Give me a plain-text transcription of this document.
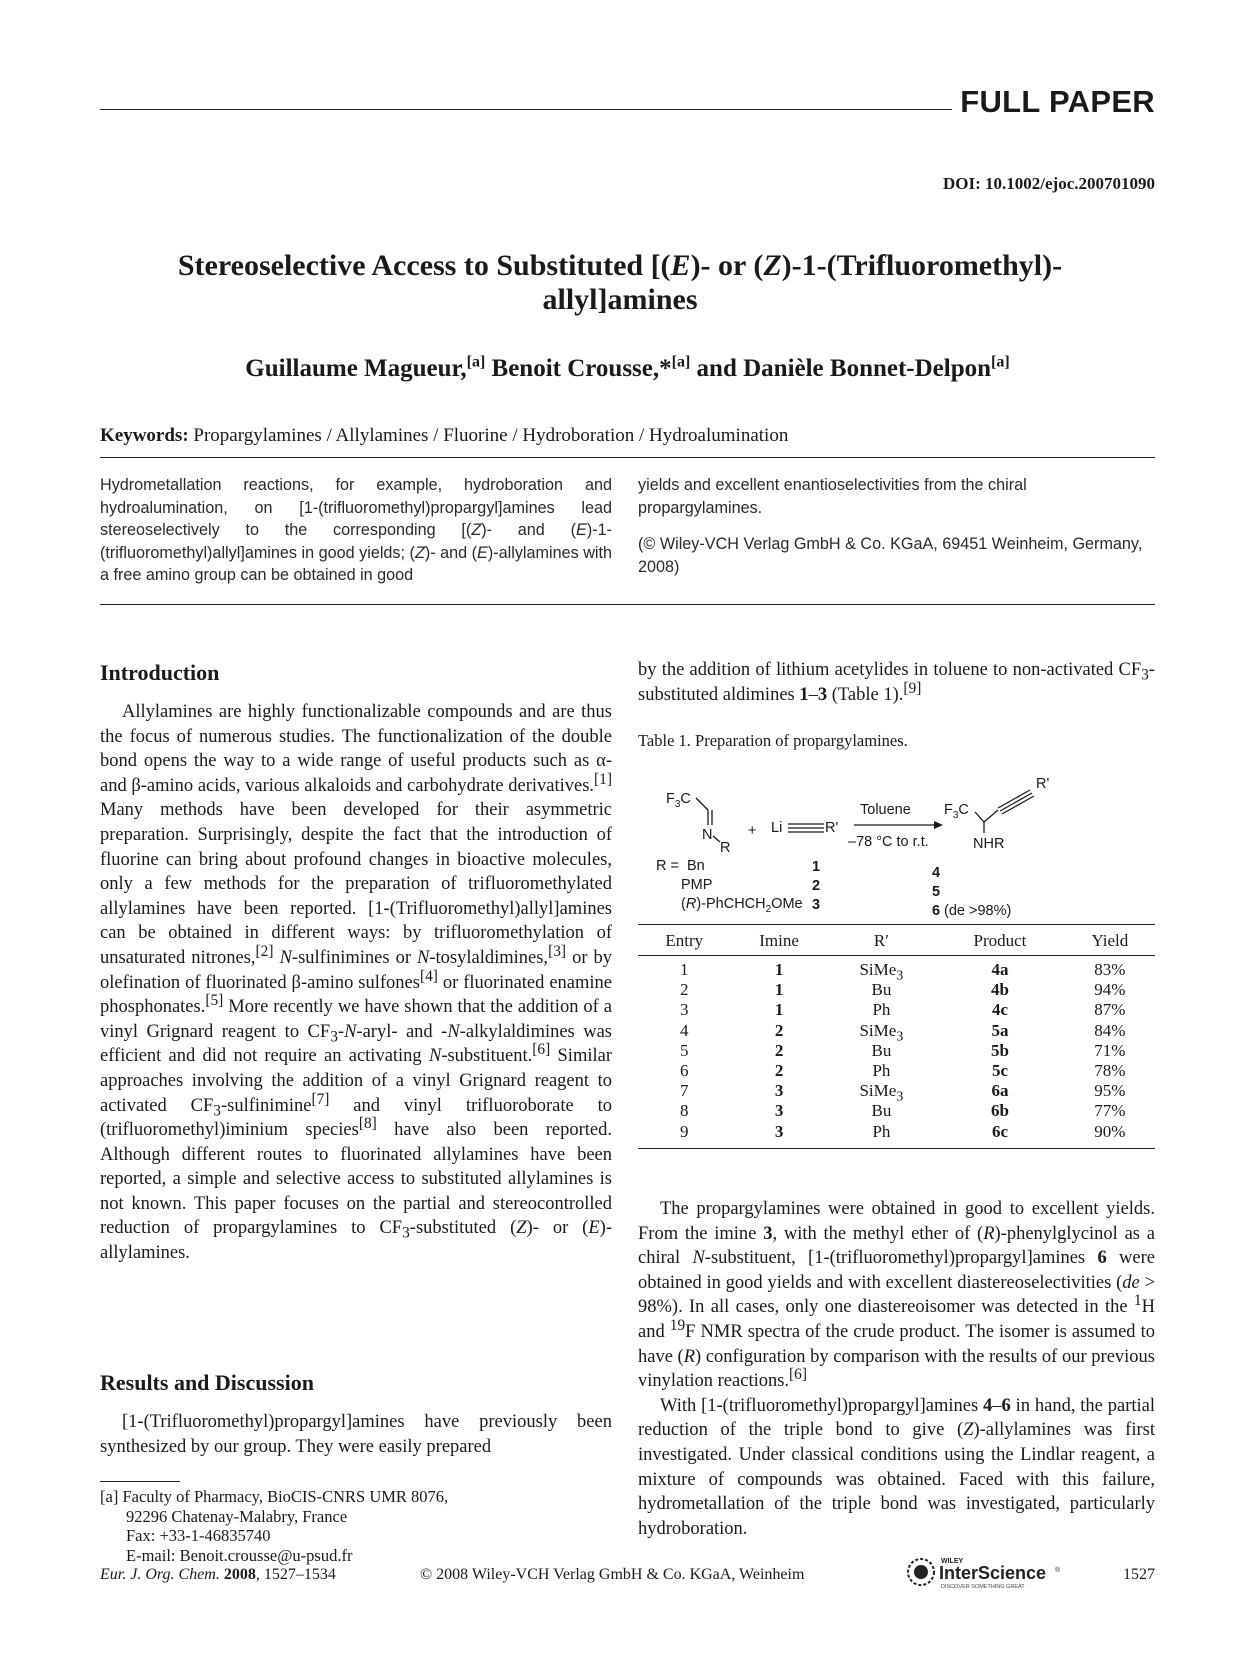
FULL PAPER
DOI: 10.1002/ejoc.200701090
Stereoselective Access to Substituted [(E)- or (Z)-1-(Trifluoromethyl)-
allyl]amines
Guillaume Magueur,[a] Benoit Crousse,*[a] and Danièle Bonnet-Delpon[a]
Keywords: Propargylamines / Allylamines / Fluorine / Hydroboration / Hydroalumination
Hydrometallation reactions, for example, hydroboration and hydroalumination, on [1-(trifluoromethyl)propargyl]amines lead stereoselectively to the corresponding [(Z)- and (E)-1-(trifluoromethyl)allyl]amines in good yields; (Z)- and (E)-allylamines with a free amino group can be obtained in good

yields and excellent enantioselectivities from the chiral propargylamines.

(© Wiley-VCH Verlag GmbH & Co. KGaA, 69451 Weinheim, Germany, 2008)

Introduction

Allylamines are highly functionalizable compounds and are thus the focus of numerous studies. The functionalization of the double bond opens the way to a wide range of useful products such as α- and β-amino acids, various alkaloids and carbohydrate derivatives.[1] Many methods have been developed for their asymmetric preparation. Surprisingly, despite the fact that the introduction of fluorine can bring about profound changes in bioactive molecules, only a few methods for the preparation of trifluoromethylated allylamines have been reported. [1-(Trifluoromethyl)allyl]amines can be obtained in different ways: by trifluoromethylation of unsaturated nitrones,[2] N-sulfinimines or N-tosylaldimines,[3] or by olefination of fluorinated β-amino sulfones[4] or fluorinated enamine phosphonates.[5] More recently we have shown that the addition of a vinyl Grignard reagent to $CF_3-N-aryl-$ and -N-alkylaldimines was efficient and did not require an activating N-substituent.[6] Similar approaches involving the addition of a vinyl Grignard reagent to activated $CF_3-sulfinimine[7]$ and vinyl trifluoroborate to (trifluoromethyl)iminium species[8] have also been reported. Although different routes to fluorinated allylamines have been reported, a simple and selective access to substituted allylamines is not known. This paper focuses on the partial and stereocontrolled reduction of propargylamines to $CF_3$-substituted (Z)- or (E)-allylamines.

Results and Discussion

[1-(Trifluoromethyl)propargyl]amines have previously been synthesized by our group. They were easily prepared

by the addition of lithium acetylides in toluene to non-activated $CF_3$-substituted aldimines 1–3 (Table 1).[9]
Table 1. Preparation of propargylamines.
$F_3C$
N
R
+ Li	R'
Toluene
–78 °C to r.t.
$F_3C$
R'
NHR
R = Bn
PMP
(R)-PhCHCH$_2$OMe
1
2
3
4
5
6 (de >98%)
Entry	Imine	R′	Product	Yield
1	1	SiMe$_3$	4a	83%
2	1	Bu	4b	94%
3	1	Ph	4c	87%
4	2	SiMe$_3$	5a	84%
5	2	Bu	5b	71%
6	2	Ph	5c	78%
7	3	SiMe$_3$	6a	95%
8	3	Bu	6b	77%
9	3	Ph	6c	90%

The propargylamines were obtained in good to excellent yields. From the imine 3, with the methyl ether of (R)-phenylglycinol as a chiral N-substituent, [1-(trifluoromethyl)propargyl]amines 6 were obtained in good yields and with excellent diastereoselectivities (de > 98%). In all cases, only one diastereoisomer was detected in the $^1$H and $^{19}$F NMR spectra of the crude product. The isomer is assumed to have (R) configuration by comparison with the results of our previous vinylation reactions.[6]

With [1-(trifluoromethyl)propargyl]amines 4–6 in hand, the partial reduction of the triple bond to give (Z)-allylamines was first investigated. Under classical conditions using the Lindlar reagent, a mixture of compounds was obtained. Faced with this failure, hydrometallation of the triple bond was investigated, particularly hydroboration.

[a] Faculty of Pharmacy, BioCIS-CNRS UMR 8076,
92296 Chatenay-Malabry, France
Fax: +33-1-46835740
E-mail: Benoit.crousse@u-psud.fr
Eur. J. Org. Chem. 2008, 1527–1534	© 2008 Wiley-VCH Verlag GmbH & Co. KGaA, Weinheim
WILEY
InterScience ®
DISCOVER SOMETHING GREAT
1527
